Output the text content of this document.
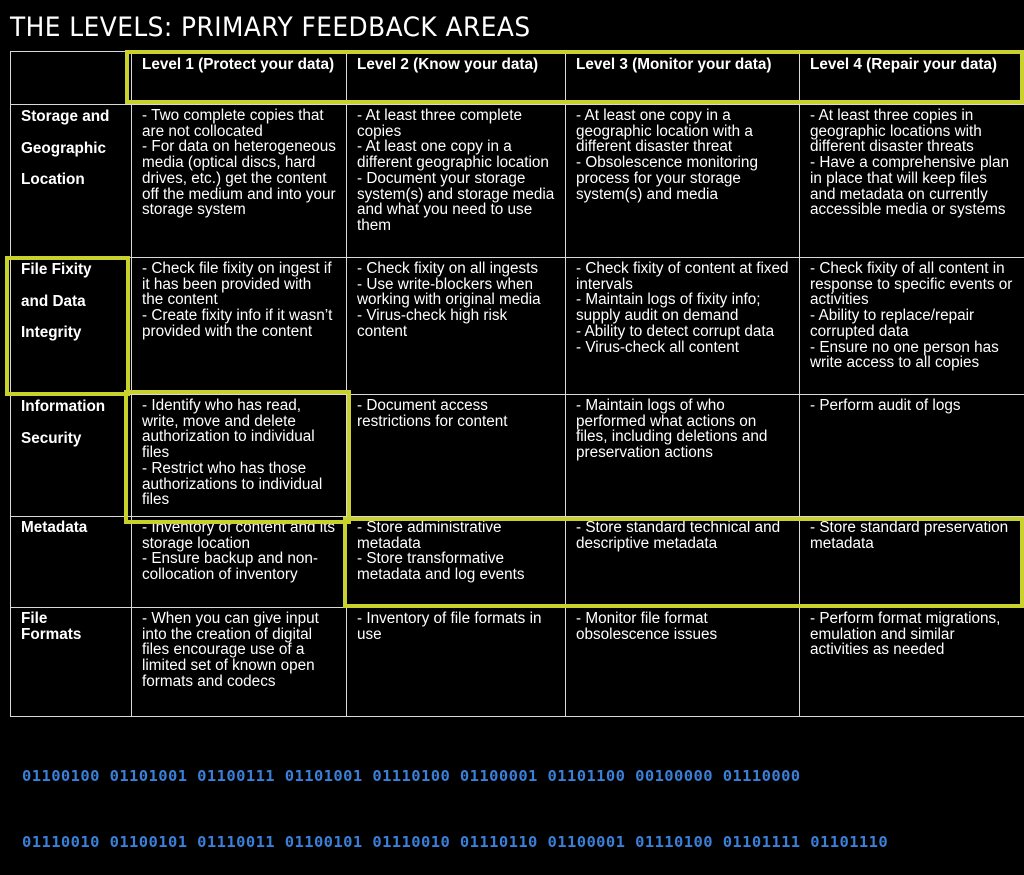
THE LEVELS: PRIMARY FEEDBACK AREAS
	Level 1 (Protect your data)	Level 2 (Know your data)	Level 3 (Monitor your data)	Level 4 (Repair your data)

Storage and
Geographic
Location	- Two complete copies that are not collocated
- For data on heterogeneous media (optical discs, hard drives, etc.) get the content off the medium and into your storage system	- At least three complete copies
- At least one copy in a different geographic location
- Document your storage system(s) and storage media and what you need to use them	- At least one copy in a geographic location with a different disaster threat
- Obsolescence monitoring process for your storage system(s) and media	- At least three copies in geographic locations with different disaster threats
- Have a comprehensive plan in place that will keep files and metadata on currently accessible media or systems

File Fixity
and Data
Integrity	- Check file fixity on ingest if it has been provided with the content
- Create fixity info if it wasn’t provided with the content	- Check fixity on all ingests
- Use write-blockers when working with original media
- Virus-check high risk content	- Check fixity of content at fixed intervals
- Maintain logs of fixity info; supply audit on demand
- Ability to detect corrupt data
- Virus-check all content	- Check fixity of all content in response to specific events or activities
- Ability to replace/repair corrupted data
- Ensure no one person has write access to all copies

Information
Security	- Identify who has read, write, move and delete authorization to individual files
- Restrict who has those authorizations to individual files	- Document access restrictions for content	- Maintain logs of who performed what actions on files, including deletions and preservation actions	- Perform audit of logs

Metadata	- Inventory of content and its storage location
- Ensure backup and non-collocation of inventory	- Store administrative metadata
- Store transformative metadata and log events	- Store standard technical and descriptive metadata	- Store standard preservation metadata

File Formats	- When you can give input into the creation of digital files encourage use of a limited set of known open formats and codecs	- Inventory of file formats in use	- Monitor file format obsolescence issues	- Perform format migrations, emulation and similar activities as needed

01100100 01101001 01100111 01101001 01110100 01100001 01101100 00100000 01110000

01110010 01100101 01110011 01100101 01110010 01110110 01100001 01110100 01101111 01101110
